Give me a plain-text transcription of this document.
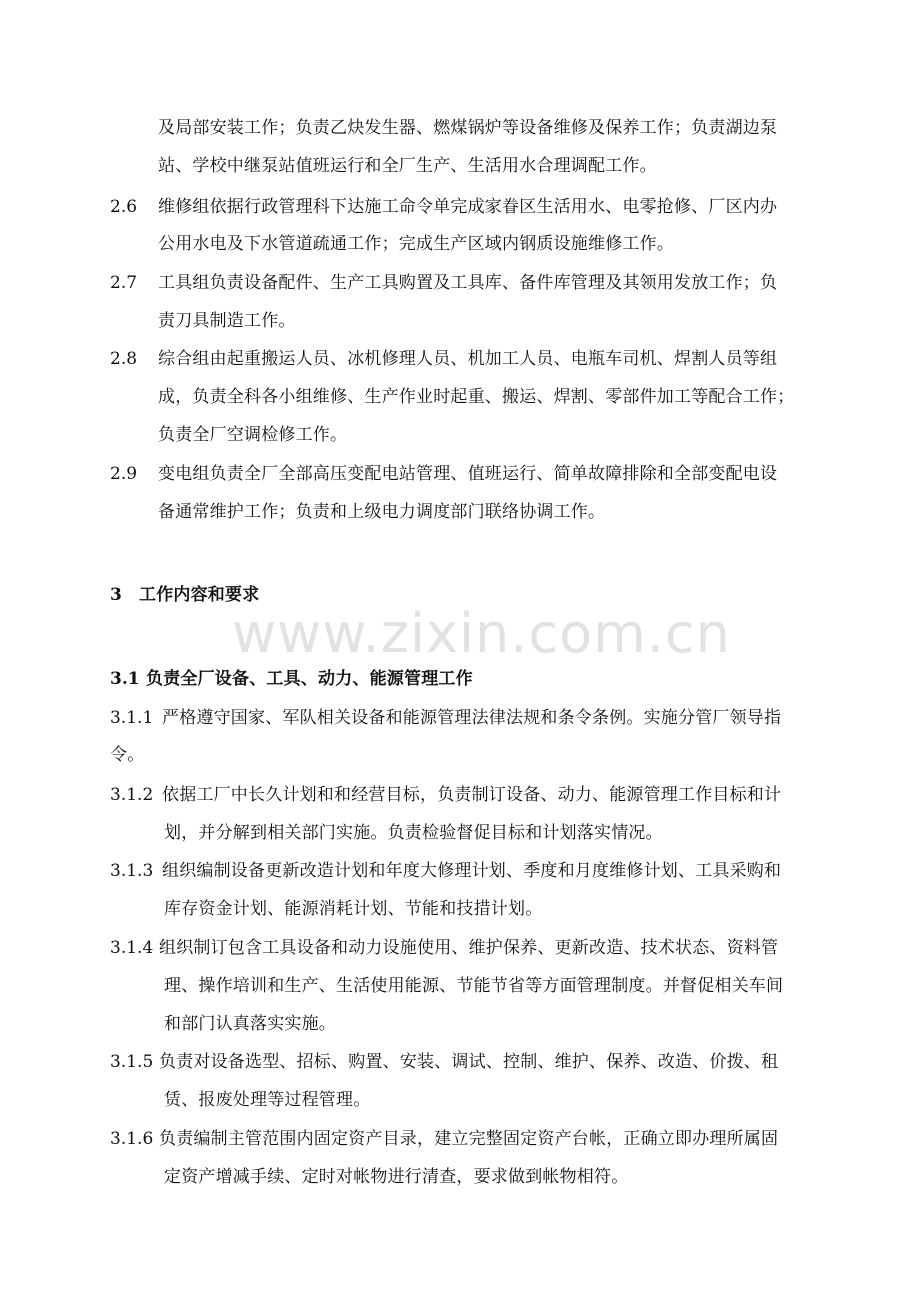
www.zixin.com.cn
及局部安装工作；负责乙炔发生器、燃煤锅炉等设备维修及保养工作；负责湖边泵
站、学校中继泵站值班运行和全厂生产、生活用水合理调配工作。
2.6 维修组依据行政管理科下达施工命令单完成家眷区生活用水、电零抢修、厂区内办
公用水电及下水管道疏通工作；完成生产区域内钢质设施维修工作。
2.7 工具组负责设备配件、生产工具购置及工具库、备件库管理及其领用发放工作；负
责刀具制造工作。
2.8 综合组由起重搬运人员、冰机修理人员、机加工人员、电瓶车司机、焊割人员等组
成，负责全科各小组维修、生产作业时起重、搬运、焊割、零部件加工等配合工作；
负责全厂空调检修工作。
2.9 变电组负责全厂全部高压变配电站管理、值班运行、简单故障排除和全部变配电设
备通常维护工作；负责和上级电力调度部门联络协调工作。
3 工作内容和要求
3.1 负责全厂设备、工具、动力、能源管理工作
3.1.1 严格遵守国家、军队相关设备和能源管理法律法规和条令条例。实施分管厂领导指
令。
3.1.2 依据工厂中长久计划和和经营目标，负责制订设备、动力、能源管理工作目标和计
划，并分解到相关部门实施。负责检验督促目标和计划落实情况。
3.1.3 组织编制设备更新改造计划和年度大修理计划、季度和月度维修计划、工具采购和
库存资金计划、能源消耗计划、节能和技措计划。
3.1.4 组织制订包含工具设备和动力设施使用、维护保养、更新改造、技术状态、资料管
理、操作培训和生产、生活使用能源、节能节省等方面管理制度。并督促相关车间
和部门认真落实实施。
3.1.5 负责对设备选型、招标、购置、安装、调试、控制、维护、保养、改造、价拨、租
赁、报废处理等过程管理。
3.1.6 负责编制主管范围内固定资产目录，建立完整固定资产台帐，正确立即办理所属固
定资产增减手续、定时对帐物进行清查，要求做到帐物相符。
